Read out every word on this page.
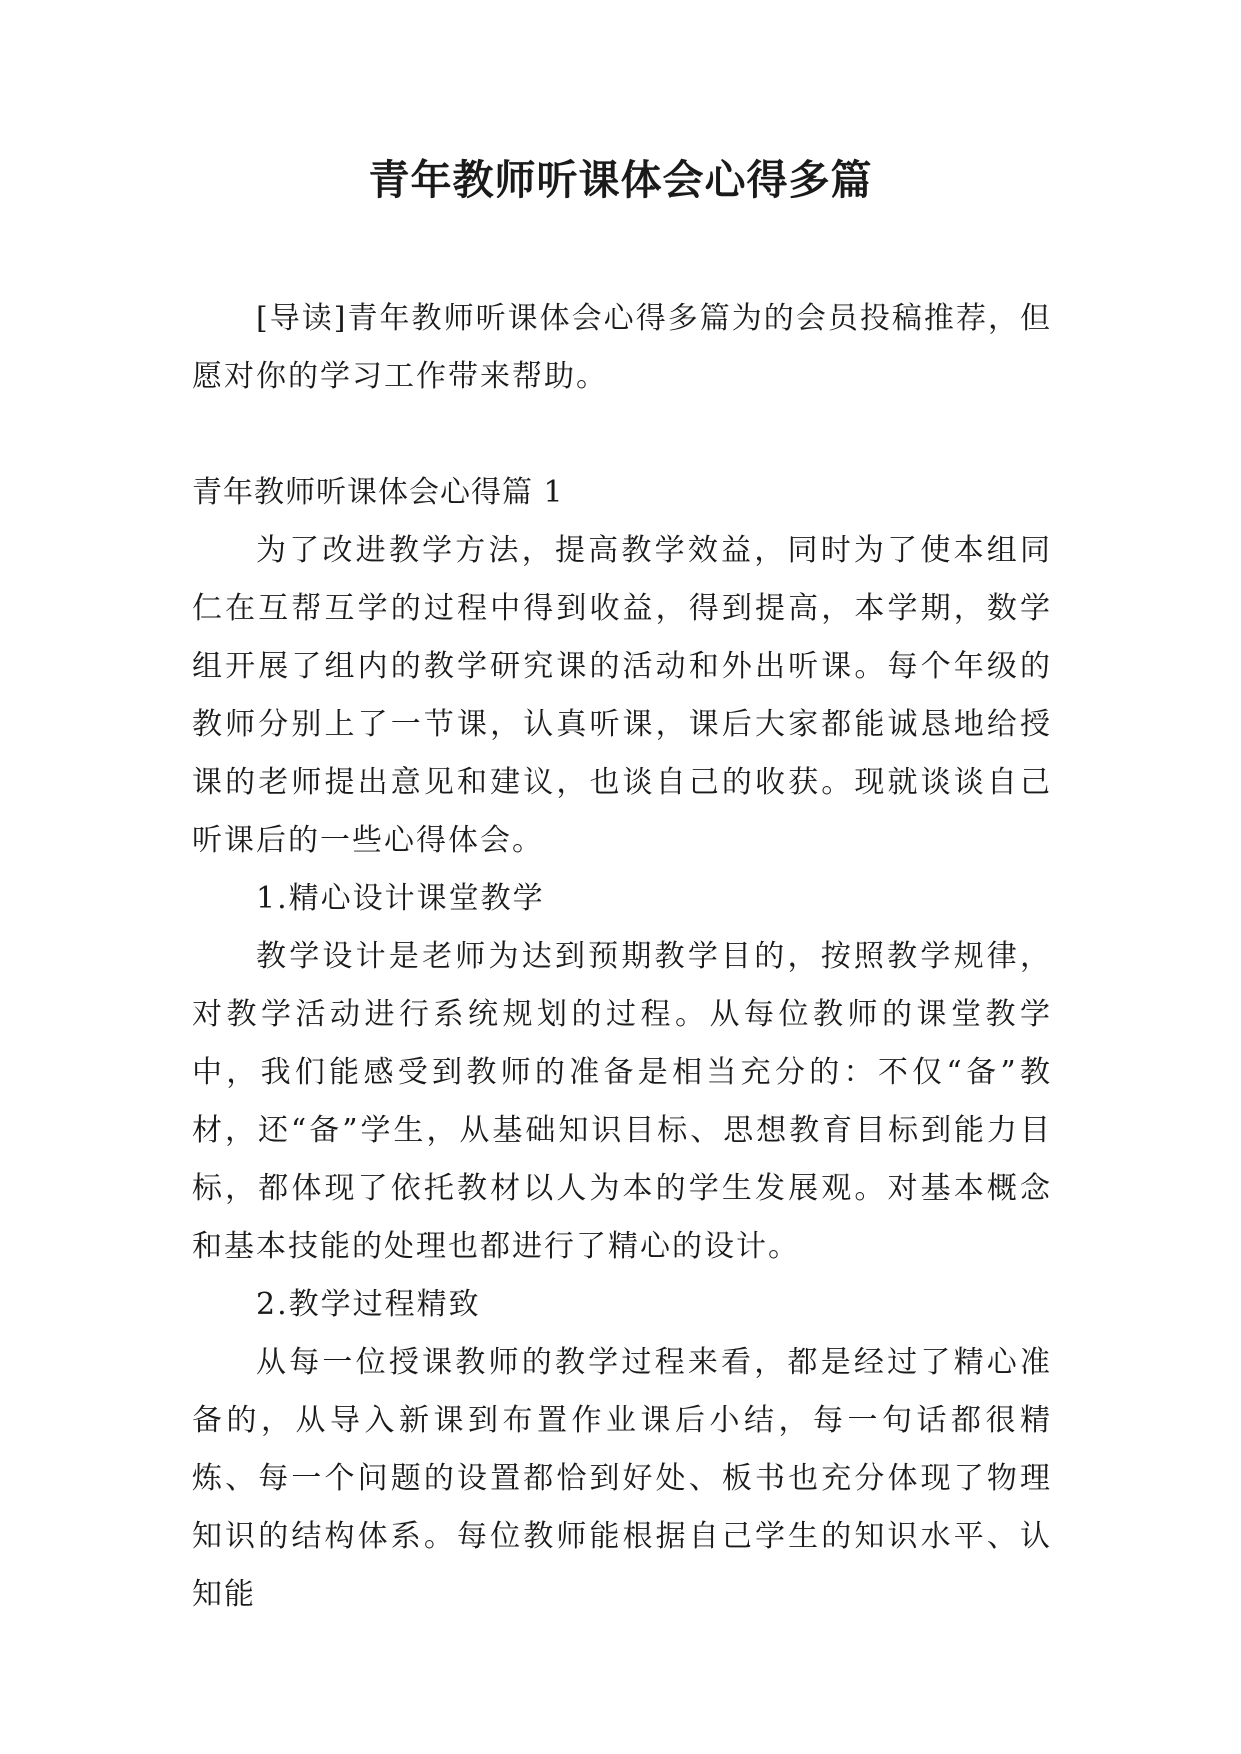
青年教师听课体会心得多篇

[导读]青年教师听课体会心得多篇为的会员投稿推荐，但愿对你的学习工作带来帮助。

青年教师听课体会心得篇 1

为了改进教学方法，提高教学效益，同时为了使本组同仁在互帮互学的过程中得到收益，得到提高，本学期，数学组开展了组内的教学研究课的活动和外出听课。每个年级的教师分别上了一节课，认真听课，课后大家都能诚恳地给授课的老师提出意见和建议，也谈自己的收获。现就谈谈自己听课后的一些心得体会。

1.精心设计课堂教学

教学设计是老师为达到预期教学目的，按照教学规律，对教学活动进行系统规划的过程。从每位教师的课堂教学中，我们能感受到教师的准备是相当充分的：不仅“备”教材，还“备”学生，从基础知识目标、思想教育目标到能力目标，都体现了依托教材以人为本的学生发展观。对基本概念和基本技能的处理也都进行了精心的设计。

2.教学过程精致

从每一位授课教师的教学过程来看，都是经过了精心准备的，从导入新课到布置作业课后小结，每一句话都很精炼、每一个问题的设置都恰到好处、板书也充分体现了物理知识的结构体系。每位教师能根据自己学生的知识水平、认知能
